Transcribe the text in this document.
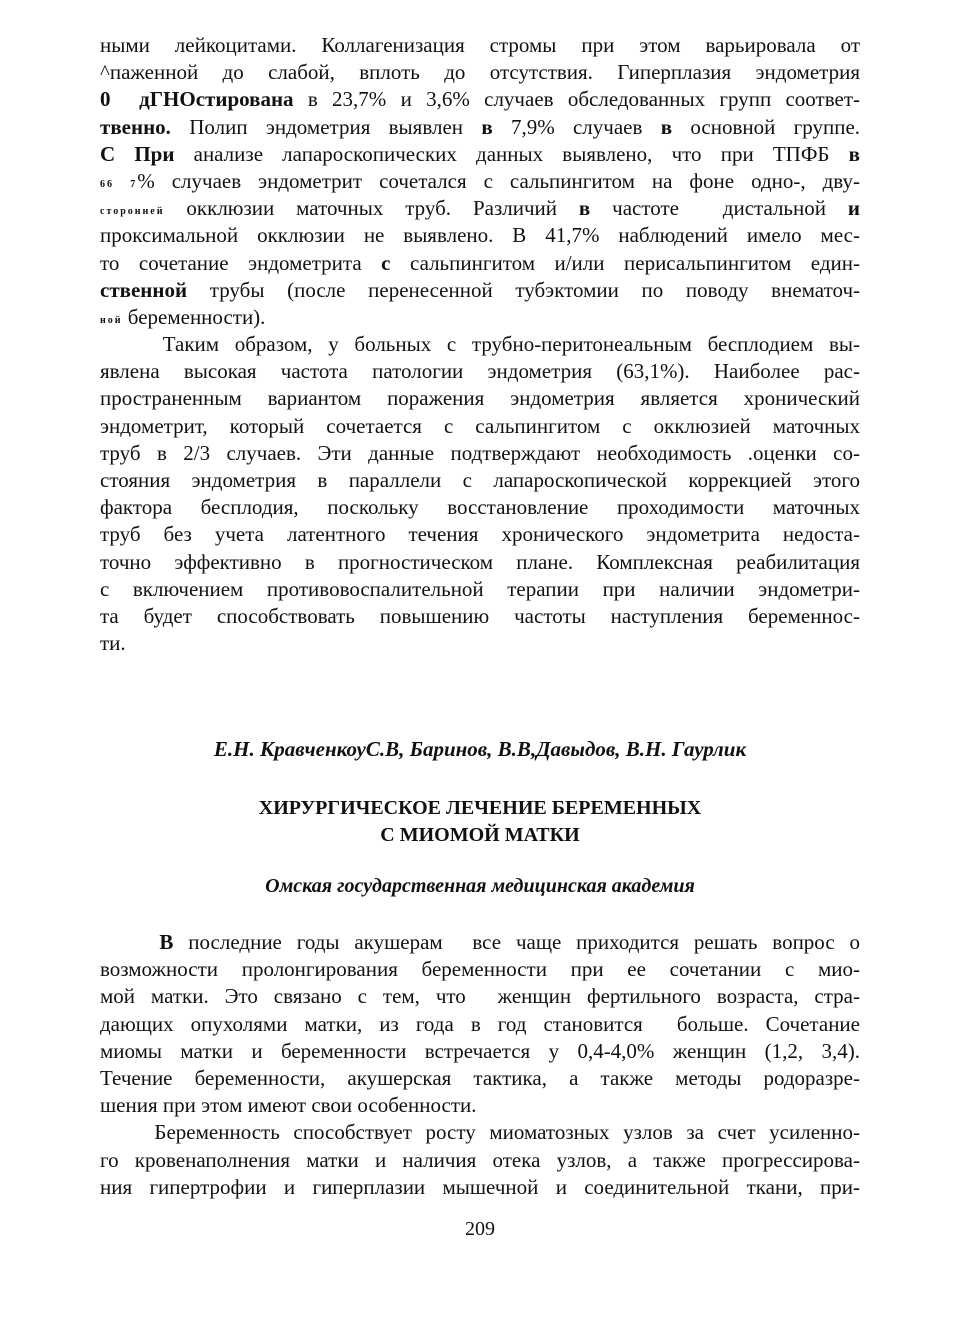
ными лейкоцитами. Коллагенизация стромы при этом варьировала от
^паженной до слабой, вплоть до отсутствия. Гиперплазия эндометрия
0  дГНОстирована в 23,7% и 3,6% случаев обследованных групп соответ-
твенно. Полип эндометрия выявлен в 7,9% случаев в основной группе.
С При анализе лапароскопических данных выявлено, что при ТПФБ в
66 7% случаев эндометрит сочетался с сальпингитом на фоне одно-, дву-
сторонней окклюзии маточных труб. Различий в частоте  дистальной и
проксимальной окклюзии не выявлено. В 41,7% наблюдений имело мес-
то сочетание эндометрита с сальпингитом и/или перисальпингитом един-
ственной трубы (после перенесенной тубэктомии по поводу внематоч-
ной беременности).
Таким образом, у больных с трубно-перитонеальным бесплодием вы-
явлена высокая частота патологии эндометрия (63,1%). Наиболее рас-
пространенным вариантом поражения эндометрия является хронический
эндометрит, который сочетается с сальпингитом с окклюзией маточных
труб в 2/3 случаев. Эти данные подтверждают необходимость .оценки со-
стояния эндометрия в параллели с лапароскопической коррекцией этого
фактора бесплодия, поскольку восстановление проходимости маточных
труб без учета латентного течения хронического эндометрита недоста-
точно эффективно в прогностическом плане. Комплексная реабилитация
с включением противовоспалительной терапии при наличии эндометри-
та будет способствовать повышению частоты наступления беременнос-
ти.
Е.Н. КравченкоуС.В, Баринов, В.В,Давыдов, В.Н. Гаурлик
ХИРУРГИЧЕСКОЕ ЛЕЧЕНИЕ БЕРЕМЕННЫХ
С МИОМОЙ МАТКИ
Омская государственная медицинская академия
В последние годы акушерам  все чаще приходится решать вопрос о
возможности пролонгирования беременности при ее сочетании с мио-
мой матки. Это связано с тем, что  женщин фертильного возраста, стра-
дающих опухолями матки, из года в год становится  больше. Сочетание
миомы матки и беременности встречается у 0,4-4,0% женщин (1,2, 3,4).
Течение беременности, акушерская тактика, а также методы родоразре-
шения при этом имеют свои особенности.
Беременность способствует росту миоматозных узлов за счет усиленно-
го кровенаполнения матки и наличия отека узлов, а также прогрессирова-
ния гипертрофии и гиперплазии мышечной и соединительной ткани, при-
209
